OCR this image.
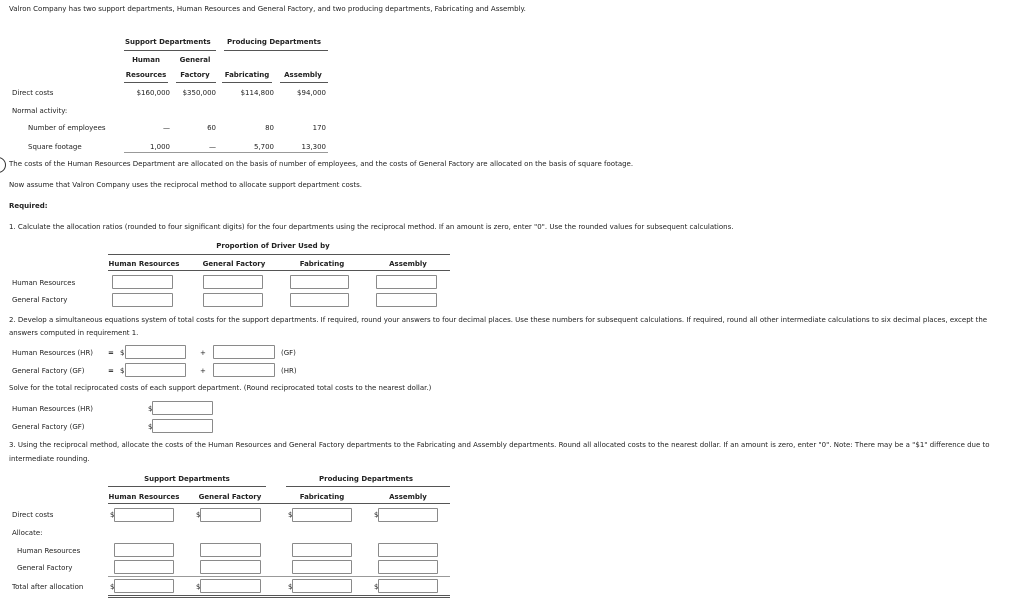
Valron Company has two support departments, Human Resources and General Factory, and two producing departments, Fabricating and Assembly.
Support Departments Producing Departments
Human	General
Resources	Factory	Fabricating	Assembly
Direct costs	$160,000	$350,000	$114,800	$94,000
Normal activity:
Number of employees	—	60	80	170
Square footage	1,000	—	5,700	13,300
The costs of the Human Resources Department are allocated on the basis of number of employees, and the costs of General Factory are allocated on the basis of square footage.
Now assume that Valron Company uses the reciprocal method to allocate support department costs.
Required:
1. Calculate the allocation ratios (rounded to four significant digits) for the four departments using the reciprocal method. If an amount is zero, enter "0". Use the rounded values for subsequent calculations.
Proportion of Driver Used by
Human Resources	General Factory	Fabricating	Assembly
Human Resources
General Factory
2. Develop a simultaneous equations system of total costs for the support departments. If required, round your answers to four decimal places. Use these numbers for subsequent calculations. If required, round all other intermediate calculations to six decimal places, except the
answers computed in requirement 1.
Human Resources (HR) = $	+	(GF)
General Factory (GF)	= $	+	(HR)
Solve for the total reciprocated costs of each support department. (Round reciprocated total costs to the nearest dollar.)
Human Resources (HR)	$
General Factory (GF)	$
3. Using the reciprocal method, allocate the costs of the Human Resources and General Factory departments to the Fabricating and Assembly departments. Round all allocated costs to the nearest dollar. If an amount is zero, enter "0". Note: There may be a "$1" difference due to
intermediate rounding.
Support Departments	Producing Departments
Human Resources	General Factory	Fabricating	Assembly
Direct costs	$	$	$	$
Allocate:
Human Resources
General Factory
Total after allocation	$	$	$	$
